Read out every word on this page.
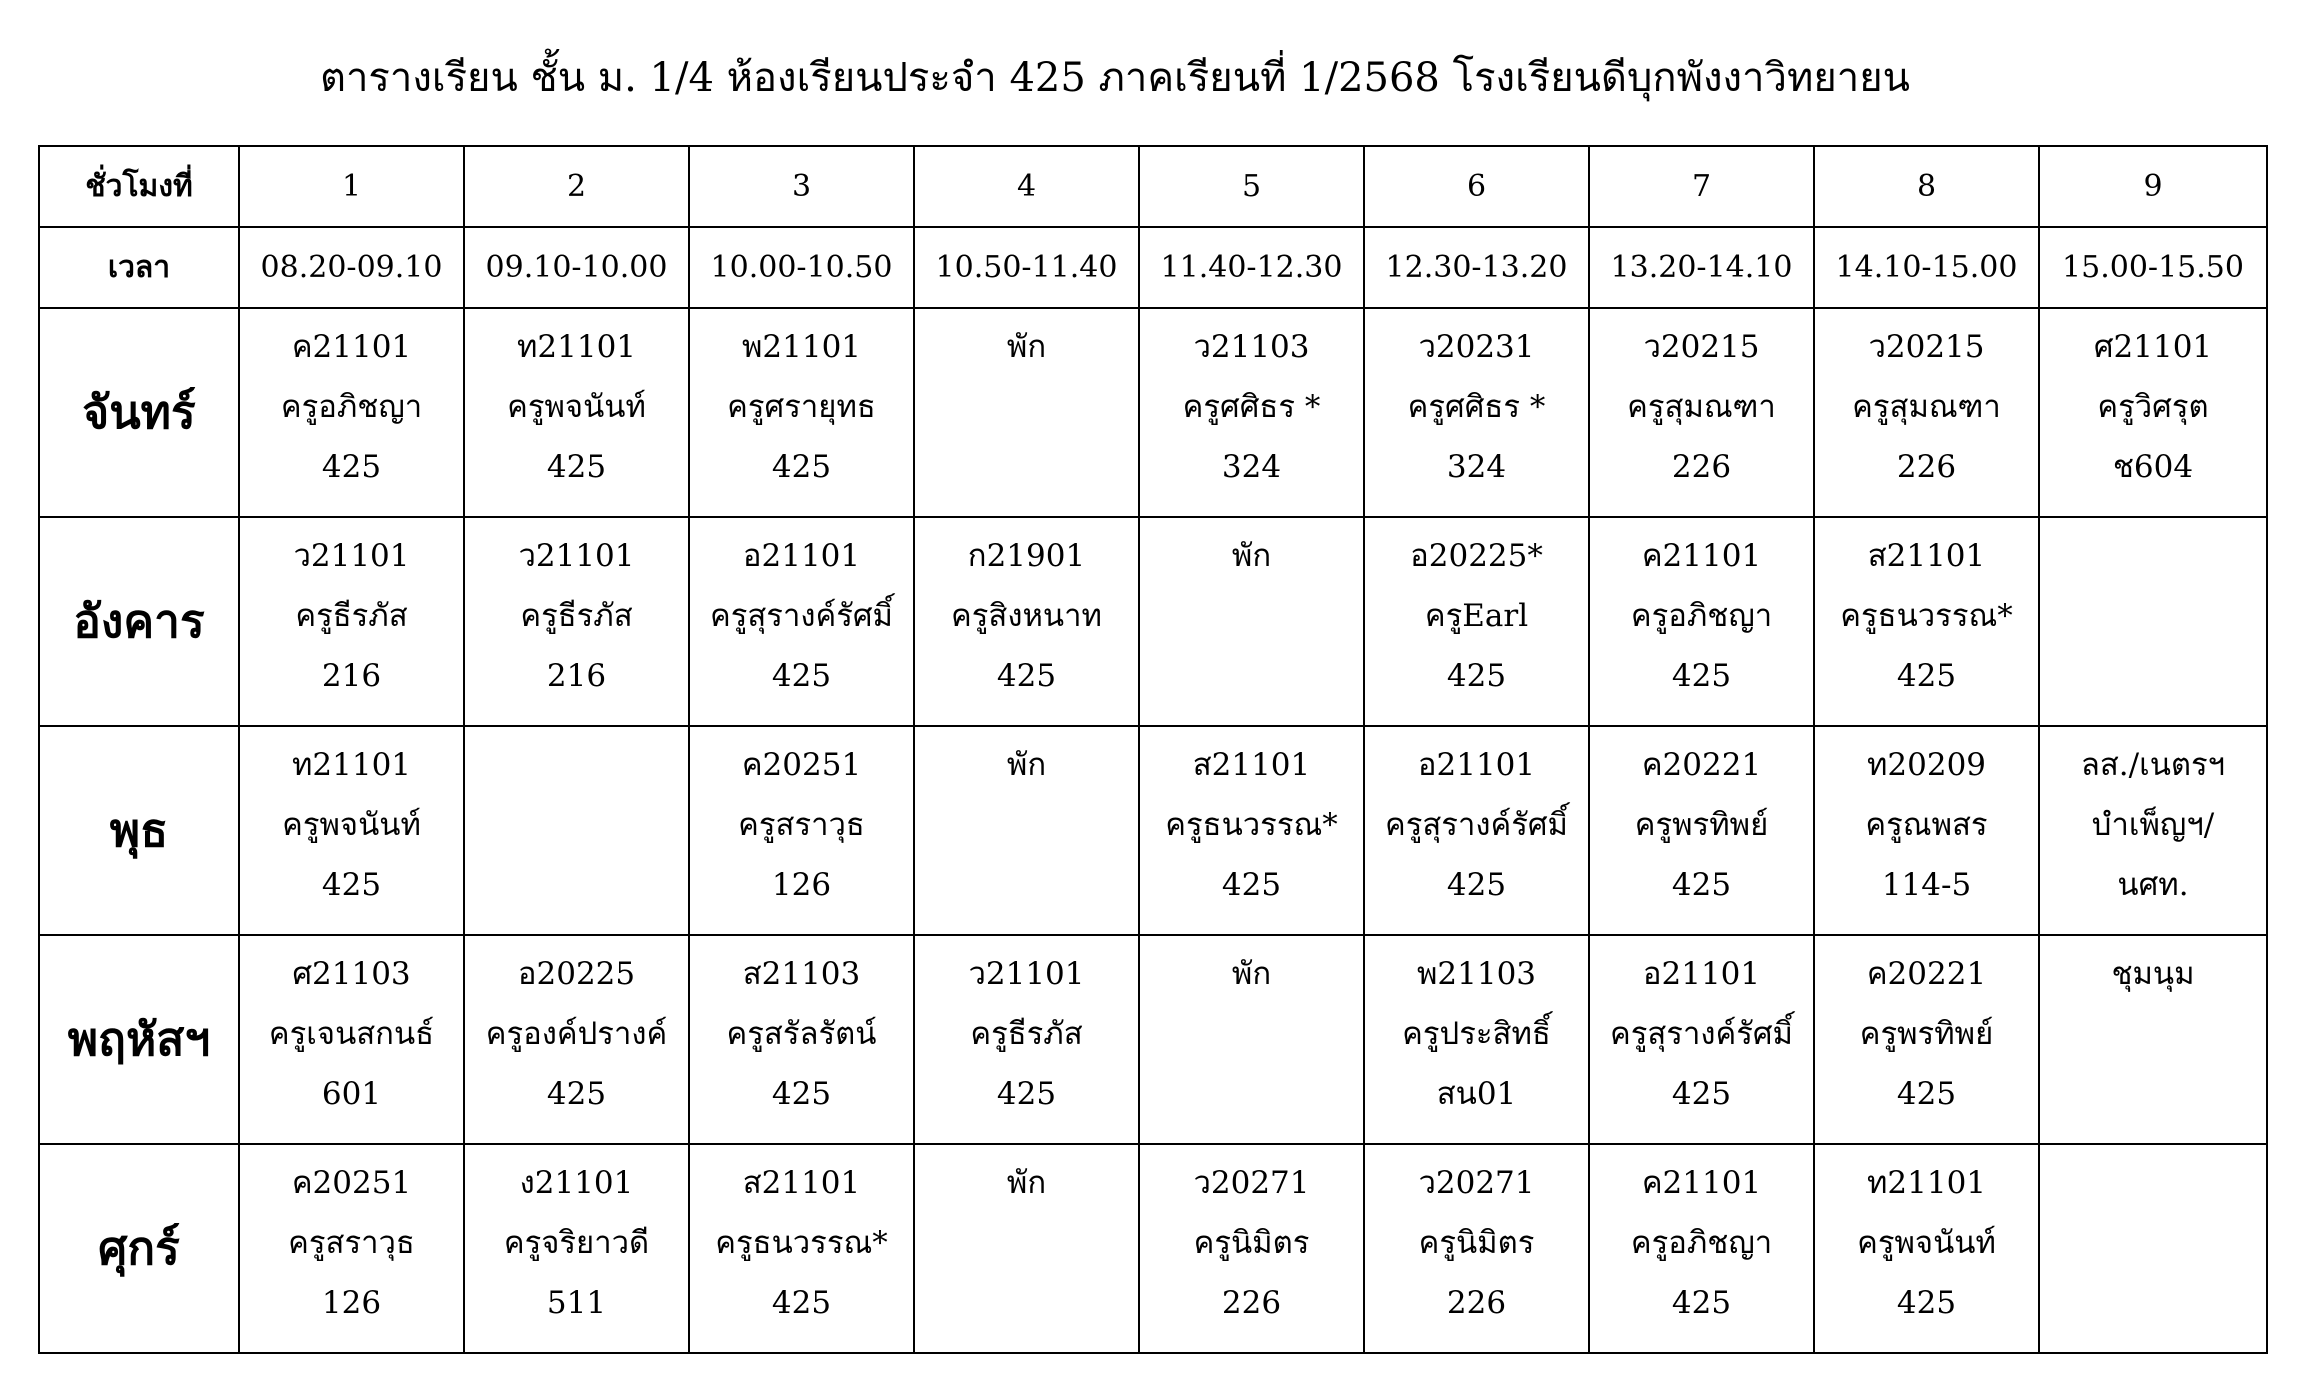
ตารางเรียน ชั้น ม. 1/4 ห้องเรียนประจำ 425 ภาคเรียนที่ 1/2568 โรงเรียนดีบุกพังงาวิทยายน
ชั่วโมงที่	1	2	3	4	5	6	7	8	9
เวลา	08.20-09.10	09.10-10.00	10.00-10.50	10.50-11.40	11.40-12.30	12.30-13.20	13.20-14.10	14.10-15.00	15.00-15.50
จันทร์	ค21101
ครูอภิชญา
425	ท21101
ครูพจนันท์
425	พ21101
ครูศรายุทธ
425	พัก	ว21103
ครูศศิธร *
324	ว20231
ครูศศิธร *
324	ว20215
ครูสุมณฑา
226	ว20215
ครูสุมณฑา
226	ศ21101
ครูวิศรุต
ช604

อังคาร	ว21101
ครูธีรภัส
216	ว21101
ครูธีรภัส
216	อ21101
ครูสุรางค์รัศมิ์
425	ก21901
ครูสิงหนาท
425	พัก	อ20225*
ครูEarl
425	ค21101
ครูอภิชญา
425	ส21101
ครูธนวรรณ*
425	

พุธ	ท21101
ครูพจนันท์
425		ค20251
ครูสราวุธ
126	พัก	ส21101
ครูธนวรรณ*
425	อ21101
ครูสุรางค์รัศมิ์
425	ค20221
ครูพรทิพย์
425	ท20209
ครูณพสร
114-5	ลส./เนตรฯ
บำเพ็ญฯ/
นศท.

พฤหัสฯ	ศ21103
ครูเจนสกนธ์
601	อ20225
ครูองค์ปรางค์
425	ส21103
ครูสรัลรัตน์
425	ว21101
ครูธีรภัส
425	พัก	พ21103
ครูประสิทธิ์
สน01	อ21101
ครูสุรางค์รัศมิ์
425	ค20221
ครูพรทิพย์
425	ชุมนุม

ศุกร์	ค20251
ครูสราวุธ
126	ง21101
ครูจริยาวดี
511	ส21101
ครูธนวรรณ*
425	พัก	ว20271
ครูนิมิตร
226	ว20271
ครูนิมิตร
226	ค21101
ครูอภิชญา
425	ท21101
ครูพจนันท์
425	
